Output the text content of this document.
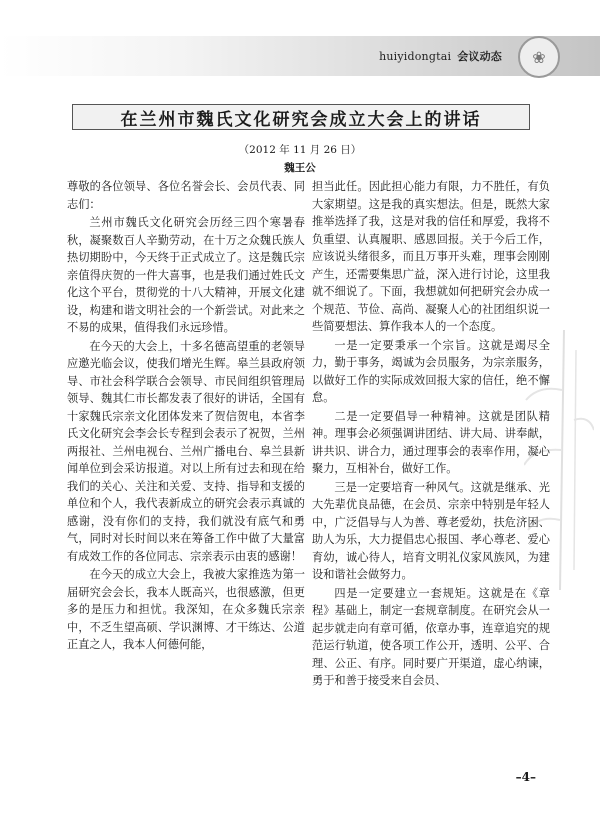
huiyidongtai 会议动态	❀
在兰州市魏氏文化研究会成立大会上的讲话
（2012 年 11 月 26 日）
魏王公

尊敬的各位领导、各位名誉会长、会员代表、同志们：

兰州市魏氏文化研究会历经三四个寒暑春秋，凝聚数百人辛勤劳动，在十万之众魏氏族人热切期盼中，今天终于正式成立了。这是魏氏宗亲值得庆贺的一件大喜事，也是我们通过姓氏文化这个平台，贯彻党的十八大精神，开展文化建设，构建和谐文明社会的一个新尝试。对此来之不易的成果，值得我们永远珍惜。

在今天的大会上，十多名德高望重的老领导应邀光临会议，使我们增光生辉。皋兰县政府领导、市社会科学联合会领导、市民间组织管理局领导、魏其仁市长都发表了很好的讲话，全国有十家魏氏宗亲文化团体发来了贺信贺电，本省李氏文化研究会李会长专程到会表示了祝贺，兰州两报社、兰州电视台、兰州广播电台、皋兰县新闻单位到会采访报道。对以上所有过去和现在给我们的关心、关注和关爱、支持、指导和支援的单位和个人，我代表新成立的研究会表示真诚的感谢，没有你们的支持，我们就没有底气和勇气，同时对长时间以来在筹备工作中做了大量富有成效工作的各位同志、宗亲表示由衷的感谢！

在今天的成立大会上，我被大家推选为第一届研究会会长，我本人既高兴，也很感激，但更多的是压力和担忧。我深知，在众多魏氏宗亲中，不乏生望高硕、学识渊博、才干练达、公道正直之人，我本人何德何能，

担当此任。因此担心能力有限，力不胜任，有负大家期望。这是我的真实想法。但是，既然大家推举选择了我，这是对我的信任和厚爱，我将不负重望、认真履职、感恩回报。关于今后工作，应该说头绪很多，而且万事开头难，理事会刚刚产生，还需要集思广益，深入进行讨论，这里我就不细说了。下面，我想就如何把研究会办成一个规范、节俭、高尚、凝聚人心的社团组织说一些简要想法、算作我本人的一个态度。

一是一定要秉承一个宗旨。这就是竭尽全力，勤于事务，竭诚为会员服务，为宗亲服务，以做好工作的实际成效回报大家的信任，绝不懈怠。

二是一定要倡导一种精神。这就是团队精神。理事会必须强调讲团结、讲大局、讲奉献，讲共识、讲合力，通过理事会的表率作用，凝心聚力，互相补台，做好工作。

三是一定要培育一种风气。这就是继承、光大先辈优良品德，在会员、宗亲中特别是年轻人中，广泛倡导与人为善、尊老爱幼，扶危济困、助人为乐，大力提倡忠心报国、孝心尊老、爱心育幼，诚心待人，培育文明礼仪家风族风，为建设和谐社会做努力。

四是一定要建立一套规矩。这就是在《章程》基础上，制定一套规章制度。在研究会从一起步就走向有章可循，依章办事，连章追究的规范运行轨道，使各项工作公开，透明、公平、合理、公正、有序。同时要广开渠道，虚心纳谏，勇于和善于接受来自会员、

–4–
